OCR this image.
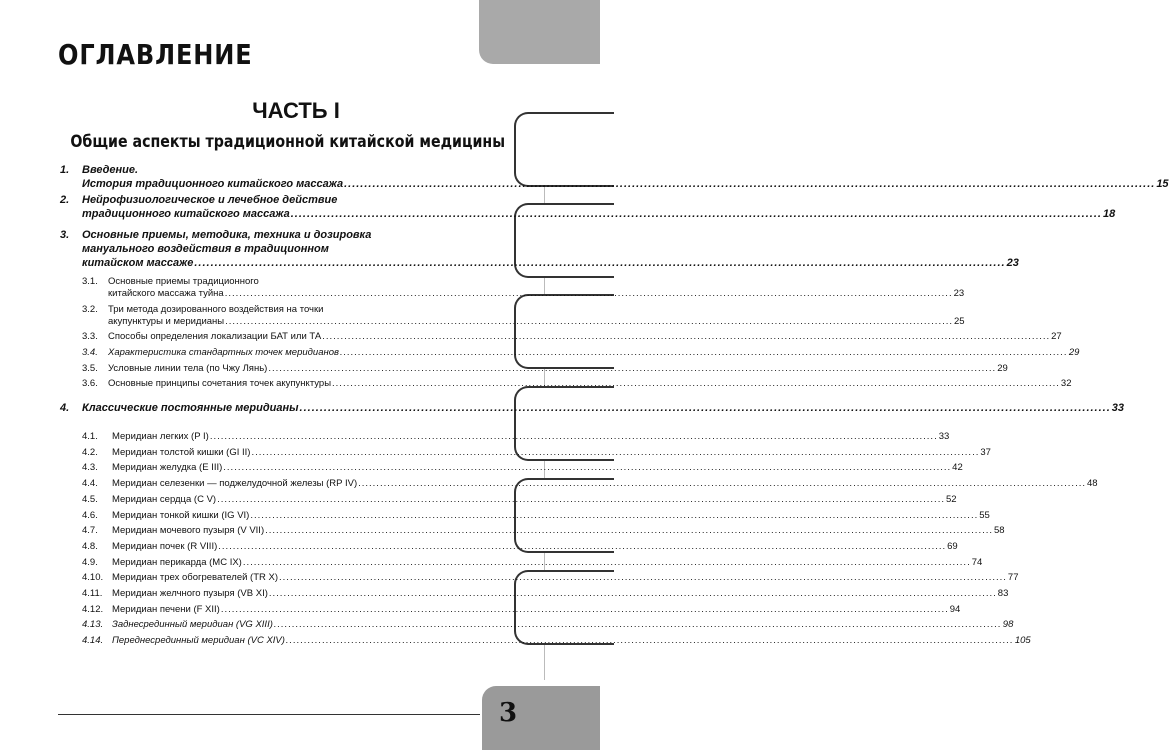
ОГЛАВЛЕНИЕ
ЧАСТЬ I
Общие аспекты традиционной китайской медицины
1. Введение.
История традиционного китайского массажа........................................................................................................................................................................................................15
2. Нейрофизиологическое и лечебное действие
традиционного китайского массажа........................................................................................................................................................................................................18
3. Основные приемы, методика, техника и дозировка
мануального воздействия в традиционном
китайском массаже........................................................................................................................................................................................................23
4. Классические постоянные меридианы........................................................................................................................................................................................................33
3.1. Основные приемы традиционного
китайского массажа туйна........................................................................................................................................................................................................23
3.2. Три метода дозированного воздействия на точки
акупунктуры и меридианы........................................................................................................................................................................................................25
3.3. Способы определения локализации БАТ или ТА........................................................................................................................................................................................................27
3.4. Характеристика стандартных точек меридианов........................................................................................................................................................................................................29
3.5. Условные линии тела (по Чжу Лянь)........................................................................................................................................................................................................29
3.6. Основные принципы сочетания точек акупунктуры........................................................................................................................................................................................................32
4.1. Меридиан легких (P I)........................................................................................................................................................................................................33
4.2. Меридиан толстой кишки (GI II)........................................................................................................................................................................................................37
4.3. Меридиан желудка (E III)........................................................................................................................................................................................................42
4.4. Меридиан селезенки — поджелудочной железы (RP IV)........................................................................................................................................................................................................48
4.5. Меридиан сердца (C V)........................................................................................................................................................................................................52
4.6. Меридиан тонкой кишки (IG VI)........................................................................................................................................................................................................55
4.7. Меридиан мочевого пузыря (V VII)........................................................................................................................................................................................................58
4.8. Меридиан почек (R VIII)........................................................................................................................................................................................................69
4.9. Меридиан перикарда (MC IX)........................................................................................................................................................................................................74
4.10. Меридиан трех обогревателей (TR X)........................................................................................................................................................................................................77
4.11. Меридиан желчного пузыря (VB XI)........................................................................................................................................................................................................83
4.12. Меридиан печени (F XII)........................................................................................................................................................................................................94
4.13. Заднесрединный меридиан (VG XIII)........................................................................................................................................................................................................98
4.14. Переднесрединный меридиан (VC XIV)........................................................................................................................................................................................................105
3
